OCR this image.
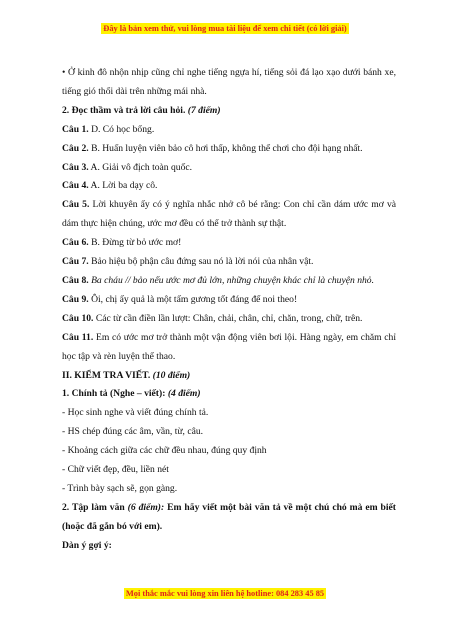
Đây là bản xem thử, vui lòng mua tài liệu để xem chi tiết (có lời giải)

• Ở kinh đô nhộn nhịp cũng chỉ nghe tiếng ngựa hí, tiếng sỏi đá lạo xạo dưới bánh xe, tiếng gió thổi dài trên những mái nhà.

2. Đọc thầm và trả lời câu hỏi. (7 điểm)

Câu 1. D. Có học bổng.

Câu 2. B. Huấn luyện viên bảo cô hơi thấp, không thể chơi cho đội hạng nhất.

Câu 3. A. Giải vô địch toàn quốc.

Câu 4. A. Lời ba dạy cô.

Câu 5. Lời khuyên ấy có ý nghĩa nhắc nhở cô bé rằng: Con chỉ cần dám ước mơ và dám thực hiện chúng, ước mơ đều có thể trở thành sự thật.

Câu 6. B. Đừng từ bỏ ước mơ!

Câu 7. Bảo hiệu bộ phận câu đứng sau nó là lời nói của nhân vật.

Câu 8. Ba cháu // bảo nếu ước mơ đủ lớn, những chuyện khác chỉ là chuyện nhỏ.

Câu 9. Ôi, chị ấy quả là một tấm gương tốt đáng để noi theo!

Câu 10. Các từ cần điền lần lượt: Chân, chải, chân, chỉ, chăn, trong, chữ, trên.

Câu 11. Em có ước mơ trở thành một vận động viên bơi lội. Hàng ngày, em chăm chỉ học tập và rèn luyện thể thao.

II. KIỂM TRA VIẾT. (10 điểm)

1. Chính tả (Nghe – viết): (4 điểm)

- Học sinh nghe và viết đúng chính tả.

- HS chép đúng các âm, vần, từ, câu.

- Khoảng cách giữa các chữ đều nhau, đúng quy định

- Chữ viết đẹp, đều, liền nét

- Trình bày sạch sẽ, gọn gàng.

2. Tập làm văn (6 điểm): Em hãy viết một bài văn tả về một chú chó mà em biết (hoặc đã gắn bó với em).

Dàn ý gợi ý:

Mọi thắc mắc vui lòng xin liên hệ hotline: 084 283 45 85
